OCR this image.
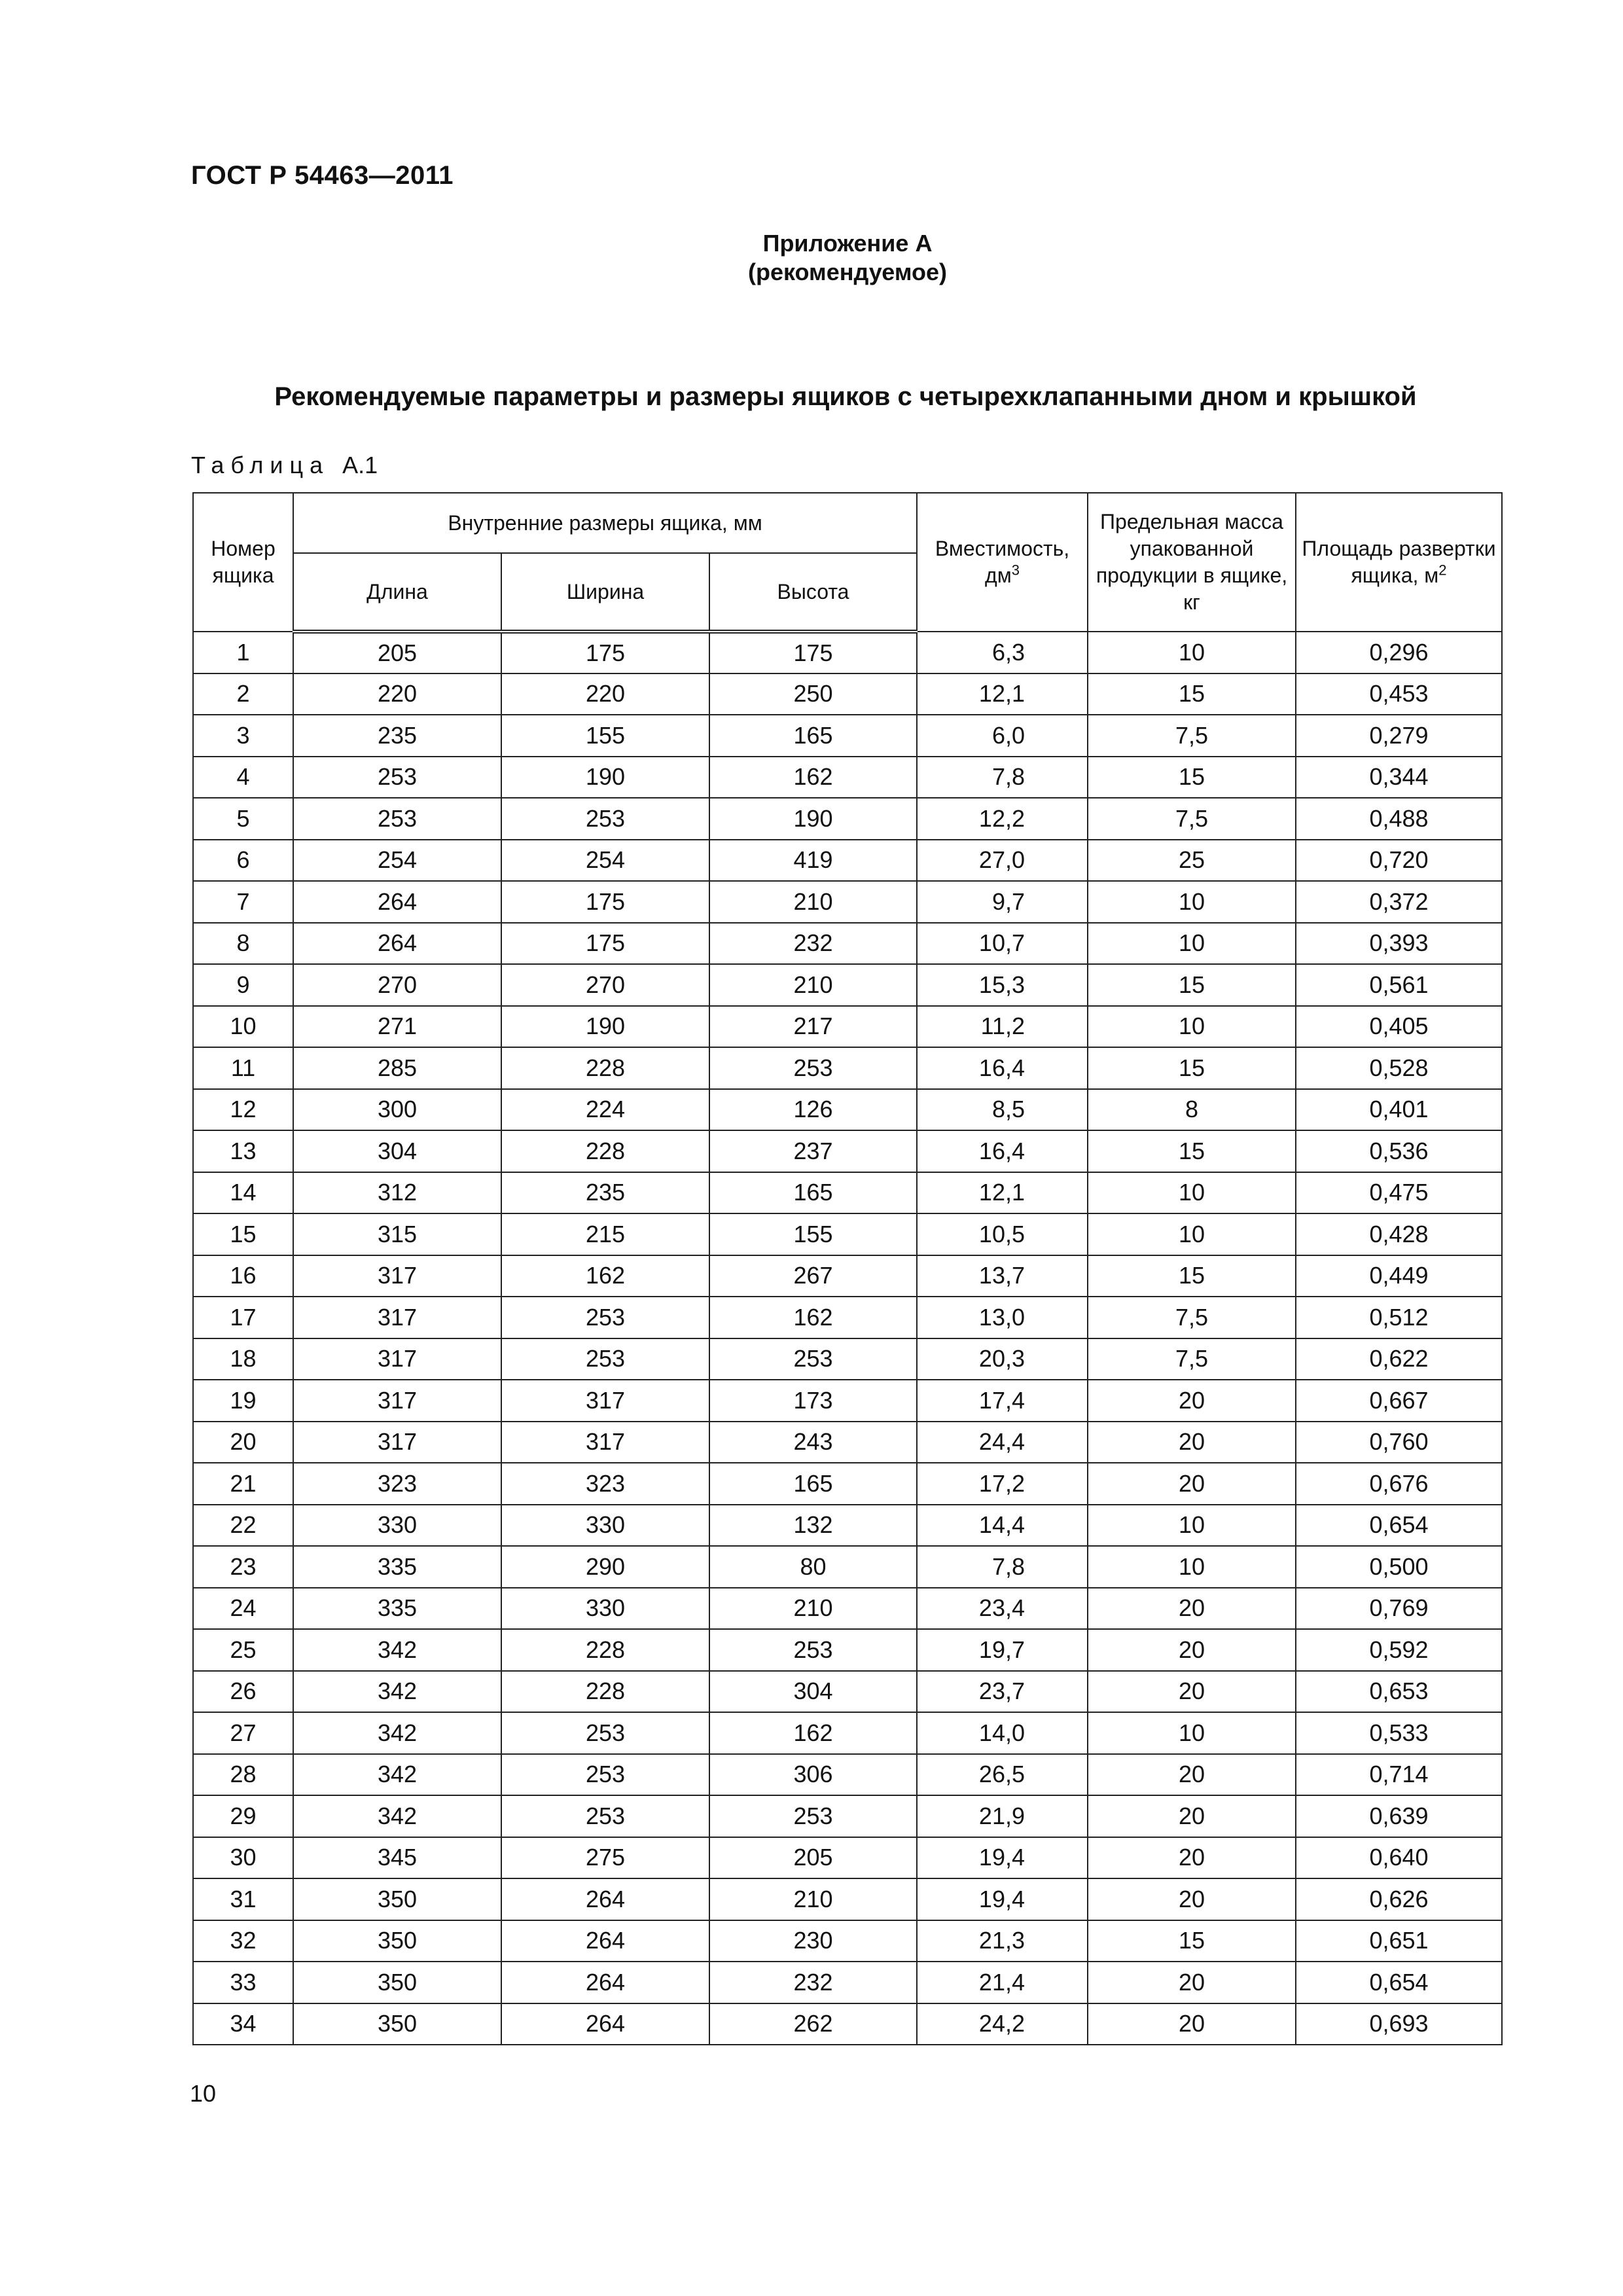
ГОСТ Р 54463—2011
Приложение А
(рекомендуемое)
Рекомендуемые параметры и размеры ящиков с четырехклапанными дном и крышкой
Таблица А.1
Номер ящика	Внутренние размеры ящика, мм			Вместимость, $дм^3$	Предельная масса упакованной продукции в ящике, кг	Площадь развертки ящика, $м^2$
	Длина	Ширина	Высота			
1	205	175	175	6,3	10	0,296
2	220	220	250	12,1	15	0,453
3	235	155	165	6,0	7,5	0,279
4	253	190	162	7,8	15	0,344
5	253	253	190	12,2	7,5	0,488
6	254	254	419	27,0	25	0,720
7	264	175	210	9,7	10	0,372
8	264	175	232	10,7	10	0,393
9	270	270	210	15,3	15	0,561
10	271	190	217	11,2	10	0,405
11	285	228	253	16,4	15	0,528
12	300	224	126	8,5	8	0,401
13	304	228	237	16,4	15	0,536
14	312	235	165	12,1	10	0,475
15	315	215	155	10,5	10	0,428
16	317	162	267	13,7	15	0,449
17	317	253	162	13,0	7,5	0,512
18	317	253	253	20,3	7,5	0,622
19	317	317	173	17,4	20	0,667
20	317	317	243	24,4	20	0,760
21	323	323	165	17,2	20	0,676
22	330	330	132	14,4	10	0,654
23	335	290	80	7,8	10	0,500
24	335	330	210	23,4	20	0,769
25	342	228	253	19,7	20	0,592
26	342	228	304	23,7	20	0,653
27	342	253	162	14,0	10	0,533
28	342	253	306	26,5	20	0,714
29	342	253	253	21,9	20	0,639
30	345	275	205	19,4	20	0,640
31	350	264	210	19,4	20	0,626
32	350	264	230	21,3	15	0,651
33	350	264	232	21,4	20	0,654
34	350	264	262	24,2	20	0,693
10
